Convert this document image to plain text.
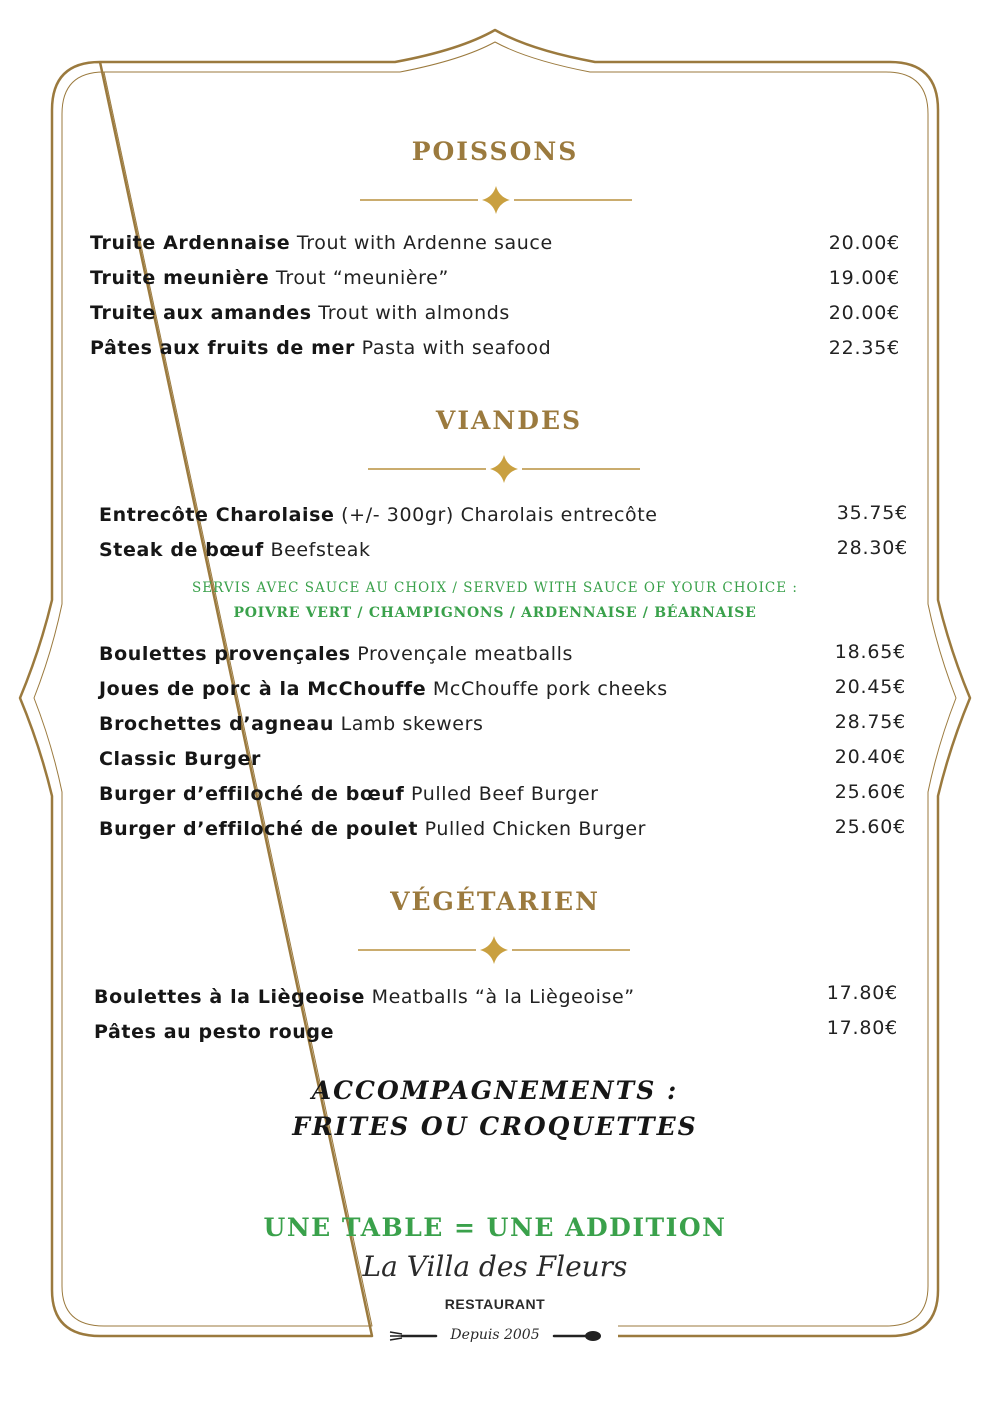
POISSONS
Truite Ardennaise Trout with Ardenne sauce	20.00€
Truite meunière Trout “meunière”	19.00€
Truite aux amandes Trout with almonds	20.00€
Pâtes aux fruits de mer Pasta with seafood	22.35€
VIANDES
Entrecôte Charolaise (+/- 300gr) Charolais entrecôte	35.75€
Steak de bœuf Beefsteak	28.30€
SERVIS AVEC SAUCE AU CHOIX / SERVED WITH SAUCE OF YOUR CHOICE :
POIVRE VERT / CHAMPIGNONS / ARDENNAISE / BÉARNAISE
Boulettes provençales Provençale meatballs	18.65€
Joues de porc à la McChouffe McChouffe pork cheeks	20.45€
Brochettes d’agneau Lamb skewers	28.75€
Classic Burger	20.40€
Burger d’effiloché de bœuf Pulled Beef Burger	25.60€
Burger d’effiloché de poulet Pulled Chicken Burger	25.60€
VÉGÉTARIEN
Boulettes à la Liègeoise Meatballs “à la Liègeoise”	17.80€
Pâtes au pesto rouge	17.80€
ACCOMPAGNEMENTS :
FRITES OU CROQUETTES
UNE TABLE = UNE ADDITION
La Villa des Fleurs
RESTAURANT
Depuis 2005
